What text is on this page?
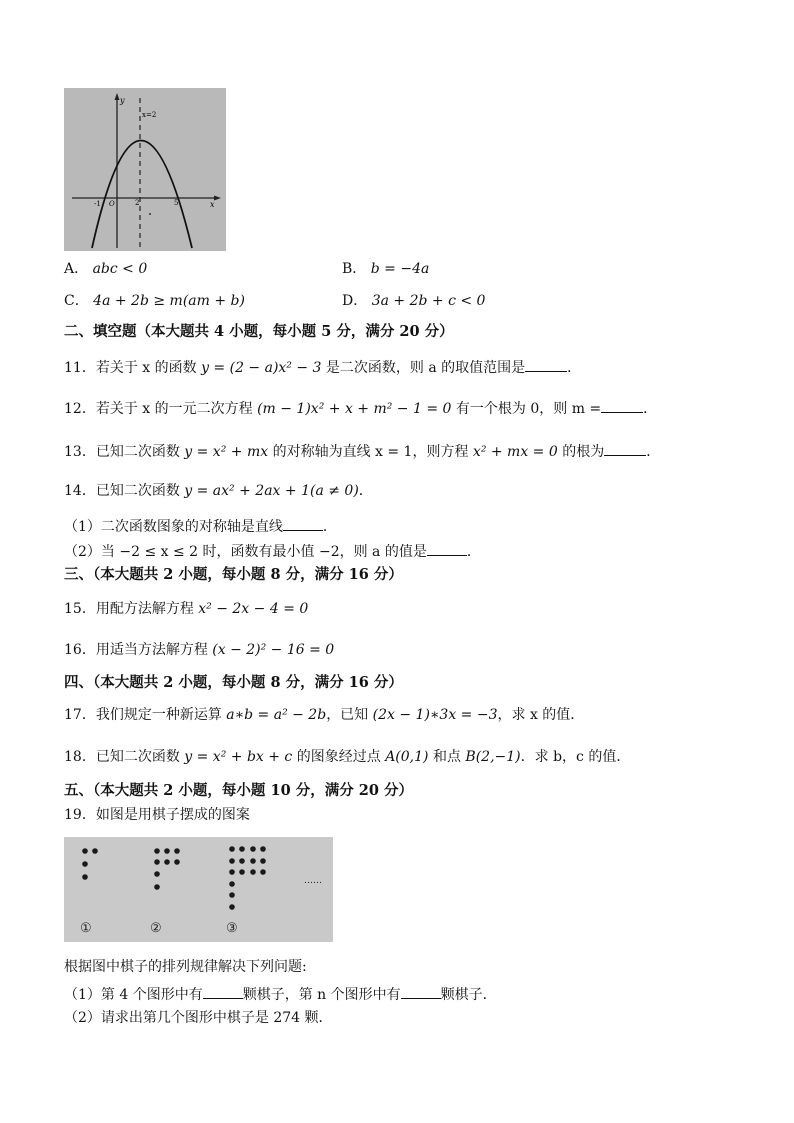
y
x
x=2
-1 O	2	5
A． abc < 0	B． b = −4a
C． 4a + 2b ≥ m(am + b)	D． 3a + 2b + c < 0
二、填空题（本大题共 4 小题，每小题 5 分，满分 20 分）
11．若关于 x 的函数 y = (2 − a)x² − 3 是二次函数，则 a 的取值范围是	．
12．若关于 x 的一元二次方程 (m − 1)x² + x + m² − 1 = 0 有一个根为 0，则 m =	．
13．已知二次函数 y = x² + mx 的对称轴为直线 x = 1，则方程 x² + mx = 0 的根为	．
14．已知二次函数 y = ax² + 2ax + 1(a ≠ 0)．
（1）二次函数图象的对称轴是直线	．
（2）当 −2 ≤ x ≤ 2 时，函数有最小值 −2，则 a 的值是	．
三、（本大题共 2 小题，每小题 8 分，满分 16 分）
15．用配方法解方程 x² − 2x − 4 = 0
16．用适当方法解方程 (x − 2)² − 16 = 0
四、（本大题共 2 小题，每小题 8 分，满分 16 分）
17．我们规定一种新运算 a∗b = a² − 2b，已知 (2x − 1)∗3x = −3，求 x 的值．
18．已知二次函数 y = x² + bx + c 的图象经过点 A(0,1) 和点 B(2,−1)．求 b，c 的值．
五、（本大题共 2 小题，每小题 10 分，满分 20 分）
19．如图是用棋子摆成的图案
①	②	③
……
根据图中棋子的排列规律解决下列问题:
（1）第 4 个图形中有	颗棋子，第 n 个图形中有	颗棋子．
（2）请求出第几个图形中棋子是 274 颗．
